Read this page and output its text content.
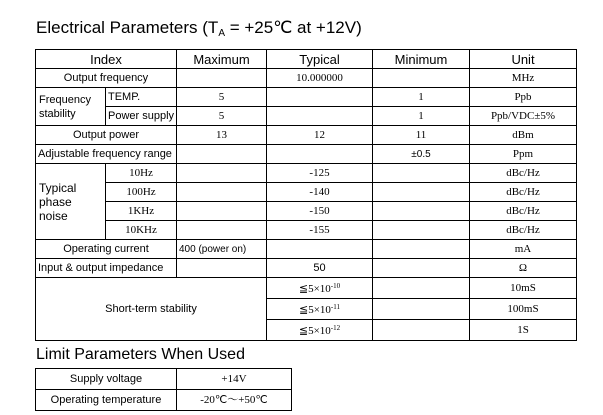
Electrical Parameters ($T_A$ = +25℃ at +12V)
Index		Maximum	Typical	Minimum	Unit
Output frequency			10.000000		MHz
Frequency stability	TEMP.	5		1	Ppb
	Power supply	5		1	Ppb/VDC±5%
Output power		13	12	11	dBm
Adjustable frequency range				±0.5	Ppm
Typical phase noise	10Hz		-125		dBc/Hz
	100Hz		-140		dBc/Hz
	1KHz		-150		dBc/Hz
	10KHz		-155		dBc/Hz
Operating current		400 (power on)			mA
Input & output impedance			50		Ω
Short-term stability			$≦5\times 10^{-10}$		10mS
			$≦5\times 10^{-11}$		100mS
			$≦5\times 10^{-12}$		1S
Limit Parameters When Used
Supply voltage	+14V
Operating temperature	-20℃～+50℃
